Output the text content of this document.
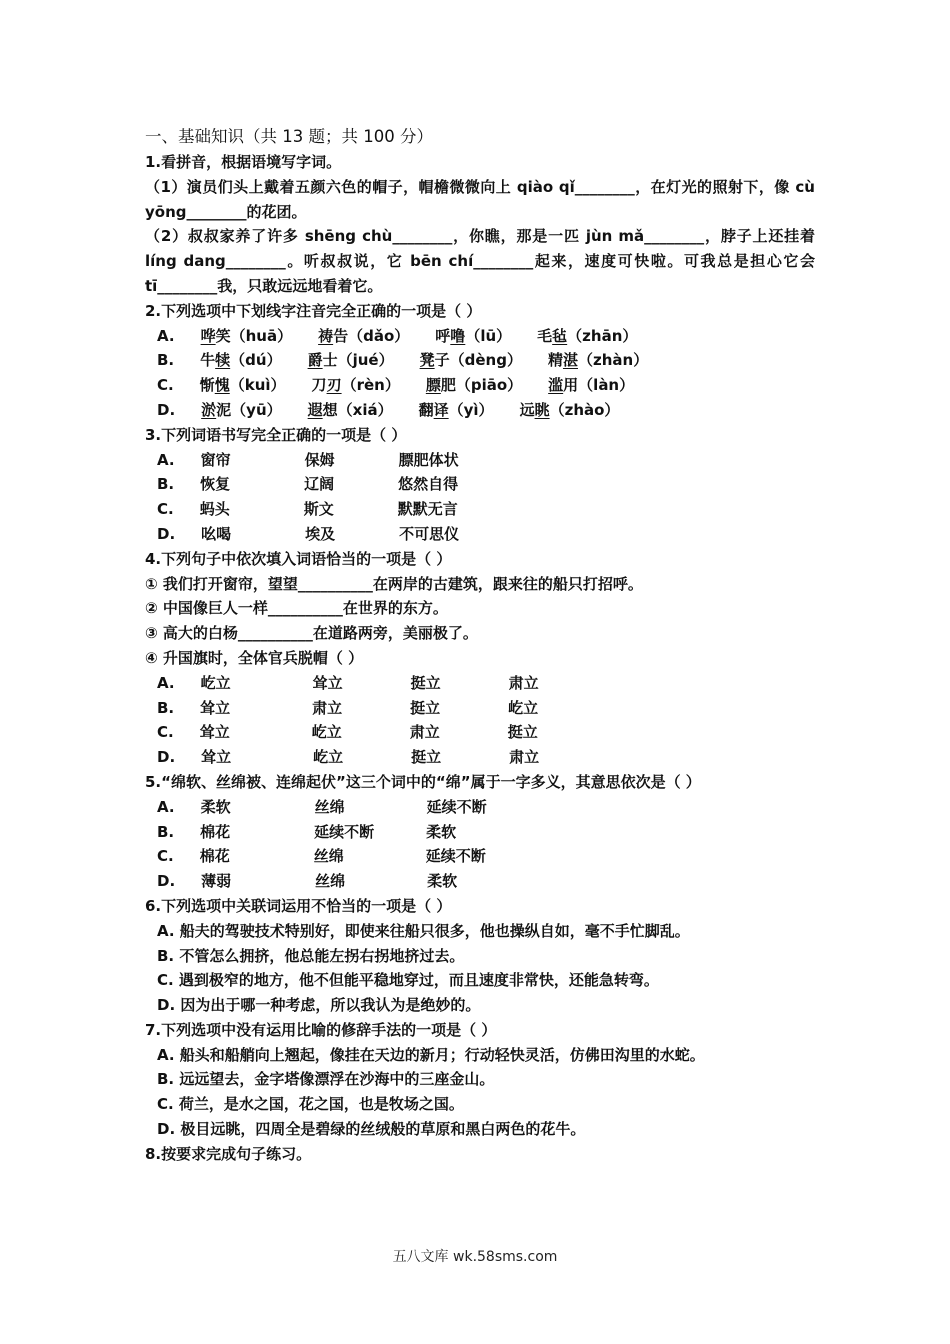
一、基础知识（共 13 题；共 100 分）
1.看拼音，根据语境写字词。
（1）演员们头上戴着五颜六色的帽子，帽檐微微向上 qiào qǐ________，在灯光的照射下，像 cù yōng________的花团。
（2）叔叔家养了许多 shēng chù________，你瞧，那是一匹 jùn mǎ________，脖子上还挂着 líng dang________。听叔叔说，它 bēn chí________起来，速度可快啦。可我总是担心它会 tī________我，只敢远远地看着它。
2.下列选项中下划线字注音完全正确的一项是（ ）
A. 哗笑（huā） 祷告（dǎo） 呼噜（lū） 毛毡（zhān）
B. 牛犊（dú） 爵士（jué） 凳子（dèng） 精湛（zhàn）
C. 惭愧（kuì） 刀刃（rèn） 膘肥（piāo） 滥用（làn）
D. 淤泥（yū） 遐想（xiá） 翻译（yì） 远眺（zhào）
3.下列词语书写完全正确的一项是（ ）
A. 窗帘	保姆	膘肥体状
B. 恢复	辽阔	悠然自得
C. 蚂头	斯文	默默无言
D. 吆喝	埃及	不可思仪
4.下列句子中依次填入词语恰当的一项是（ ）
① 我们打开窗帘，望望__________在两岸的古建筑，跟来往的船只打招呼。
② 中国像巨人一样__________在世界的东方。
③ 高大的白杨__________在道路两旁，美丽极了。
④ 升国旗时，全体官兵脱帽（ ）
A. 屹立	耸立	挺立	肃立
B. 耸立	肃立	挺立	屹立
C. 耸立	屹立	肃立	挺立
D. 耸立	屹立	挺立	肃立
5.“绵软、丝绵被、连绵起伏”这三个词中的“绵”属于一字多义，其意思依次是（ ）
A. 柔软	丝绵	延续不断
B. 棉花	延续不断	柔软
C. 棉花	丝绵	延续不断
D. 薄弱	丝绵	柔软
6.下列选项中关联词运用不恰当的一项是（ ）
A. 船夫的驾驶技术特别好，即使来往船只很多，他也操纵自如，毫不手忙脚乱。
B. 不管怎么拥挤，他总能左拐右拐地挤过去。
C. 遇到极窄的地方，他不但能平稳地穿过，而且速度非常快，还能急转弯。
D. 因为出于哪一种考虑，所以我认为是绝妙的。
7.下列选项中没有运用比喻的修辞手法的一项是（ ）
A. 船头和船艄向上翘起，像挂在天边的新月；行动轻快灵活，仿佛田沟里的水蛇。
B. 远远望去，金字塔像漂浮在沙海中的三座金山。
C. 荷兰，是水之国，花之国，也是牧场之国。
D. 极目远眺，四周全是碧绿的丝绒般的草原和黑白两色的花牛。
8.按要求完成句子练习。
五八文库 wk.58sms.com
